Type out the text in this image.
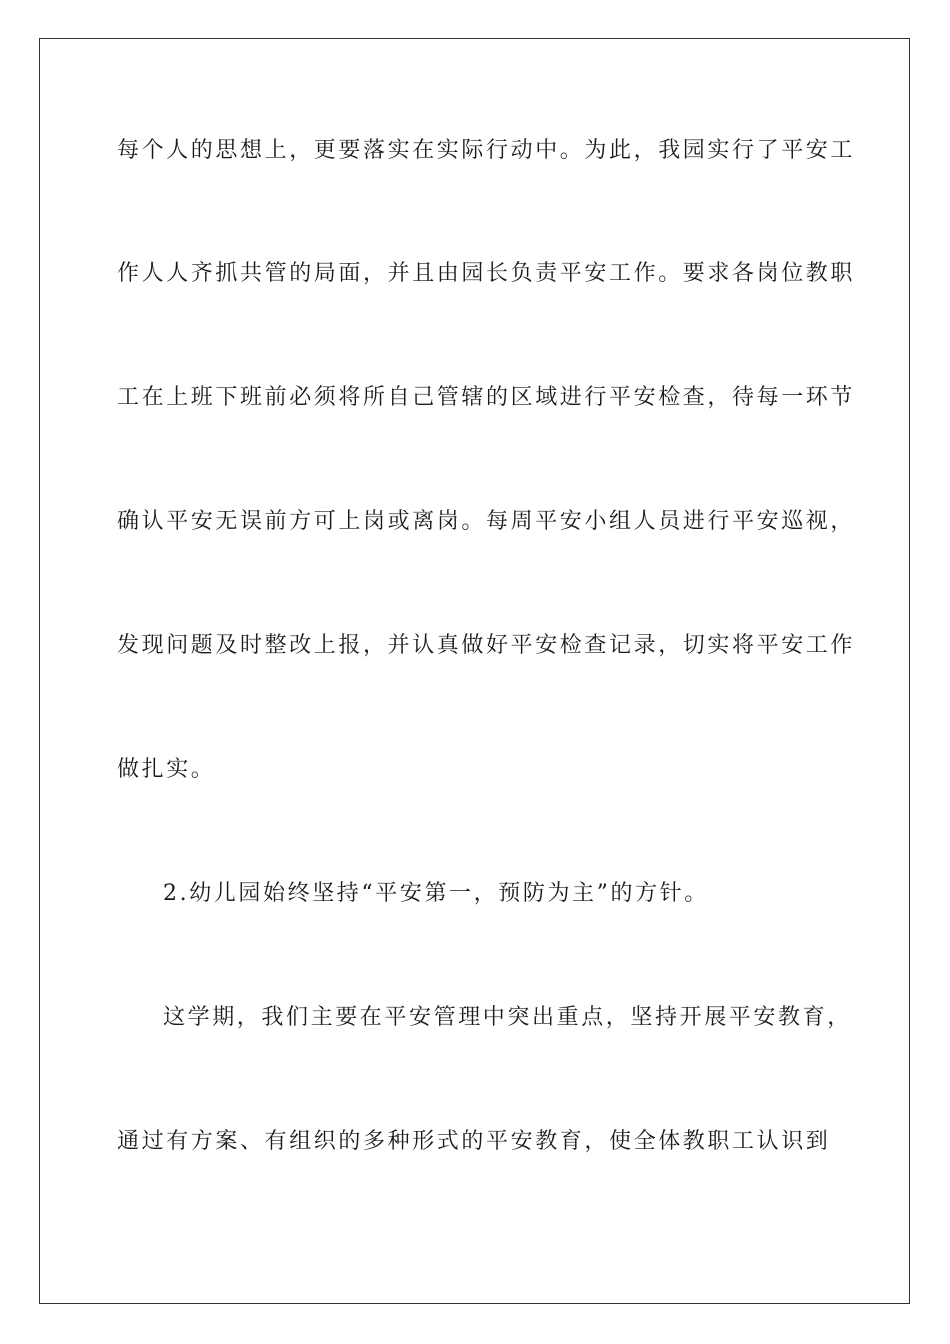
每个人的思想上，更要落实在实际行动中。为此，我园实行了平安工
作人人齐抓共管的局面，并且由园长负责平安工作。要求各岗位教职
工在上班下班前必须将所自己管辖的区域进行平安检查，待每一环节
确认平安无误前方可上岗或离岗。每周平安小组人员进行平安巡视，
发现问题及时整改上报，并认真做好平安检查记录，切实将平安工作
做扎实。
2.幼儿园始终坚持“平安第一，预防为主”的方针。
这学期，我们主要在平安管理中突出重点，坚持开展平安教育，
通过有方案、有组织的多种形式的平安教育，使全体教职工认识到
